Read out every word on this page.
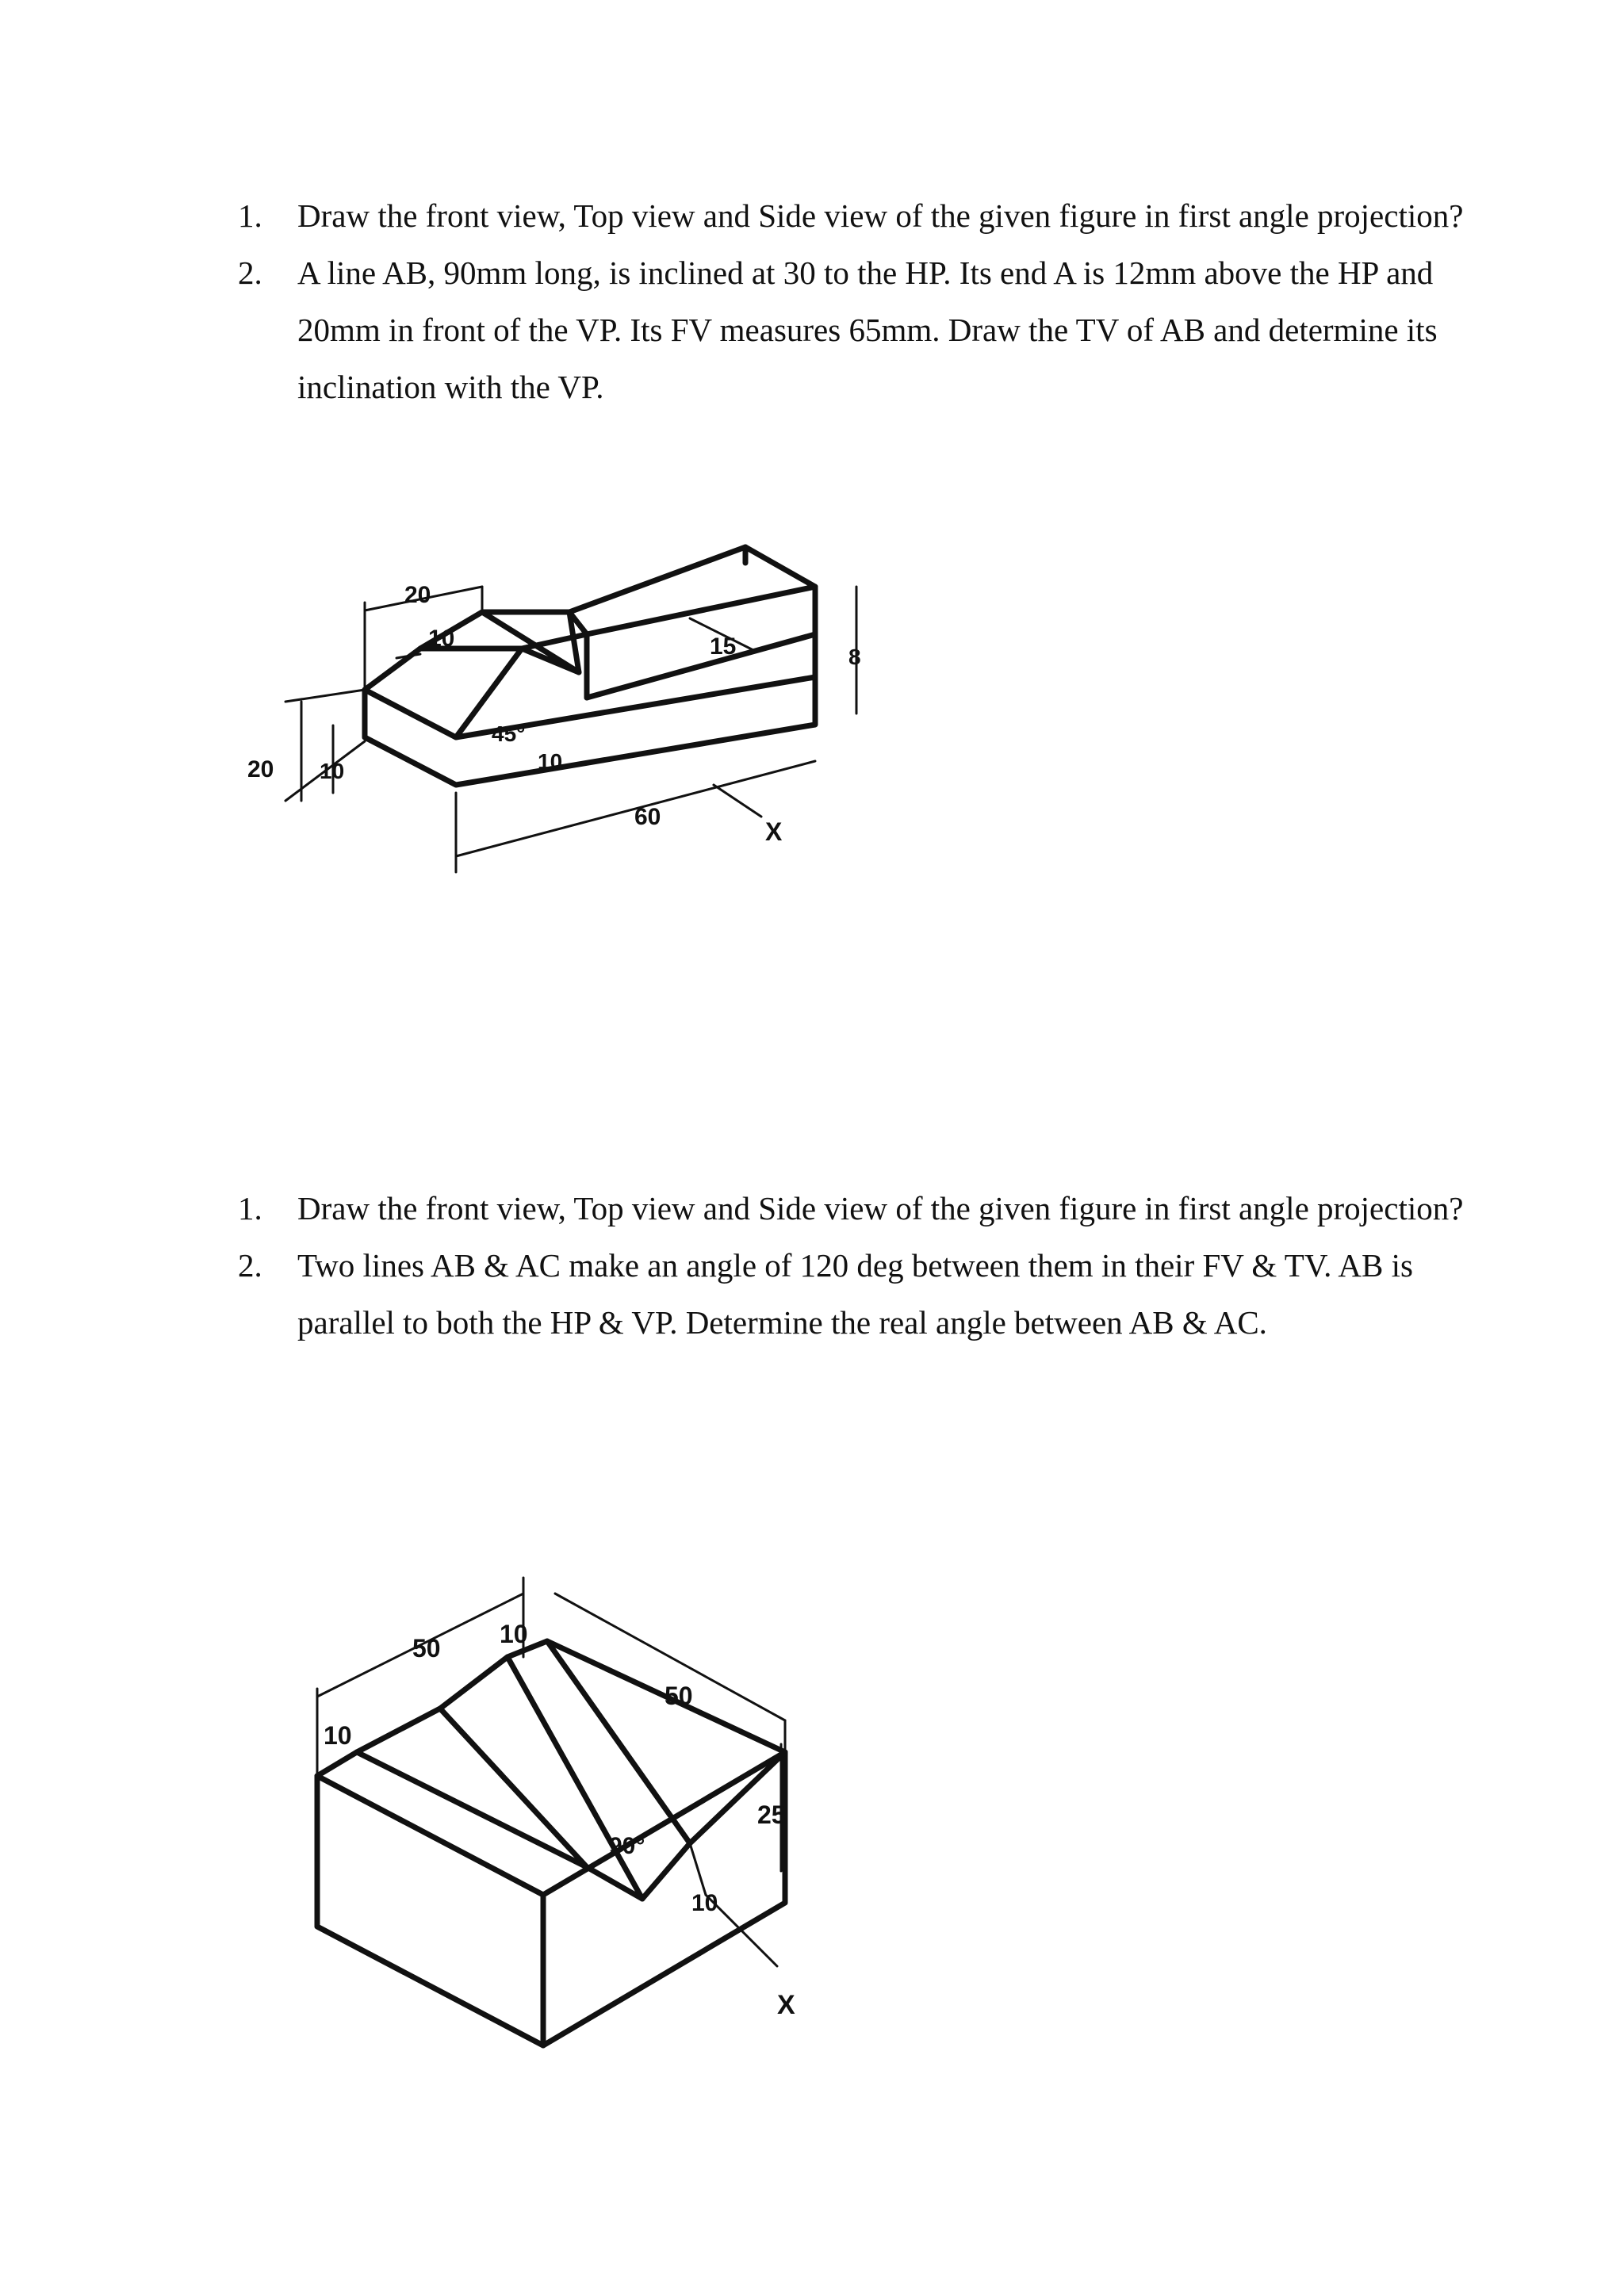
1. Draw the front view, Top view and Side view of the given figure in first angle projection?
2. A line AB, 90mm long, is inclined at 30 to the HP. Its end A is 12mm above the HP and 20mm in front of the VP. Its FV measures 65mm. Draw the TV of AB and determine its inclination with the VP.
1. Draw the front view, Top view and Side view of the given figure in first angle projection?
2. Two lines AB & AC make an angle of 120 deg between them in their FV & TV. AB is parallel to both the HP & VP. Determine the real angle between AB & AC.
20
10	15	8
20 10
45°
10
60
X
50 10
50
10
25
90°
10
X
